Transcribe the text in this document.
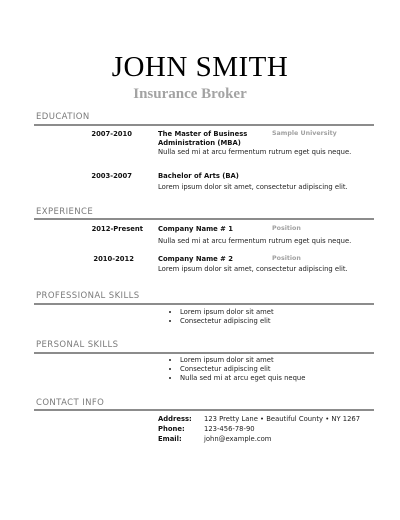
JOHN SMITH
Insurance Broker
EDUCATION
2007-2010	The Master of Business
Administration (MBA)
Sample University
Nulla sed mi at arcu fermentum rutrum eget quis neque.
2003-2007	Bachelor of Arts (BA)
Lorem ipsum dolor sit amet, consectetur adipiscing elit.
EXPERIENCE
2012-Present Company Name # 1	Position
Nulla sed mi at arcu fermentum rutrum eget quis neque.
2010-2012	Company Name # 2	Position
Lorem ipsum dolor sit amet, consectetur adipiscing elit.
PROFESSIONAL SKILLS
• Lorem ipsum dolor sit amet
• Consectetur adipiscing elit
PERSONAL SKILLS
• Lorem ipsum dolor sit amet
• Consectetur adipiscing elit
• Nulla sed mi at arcu eget quis neque
CONTACT INFO
Address: 123 Pretty Lane • Beautiful County • NY 1267
Phone:	123-456-78-90
Email:	john@example.com
